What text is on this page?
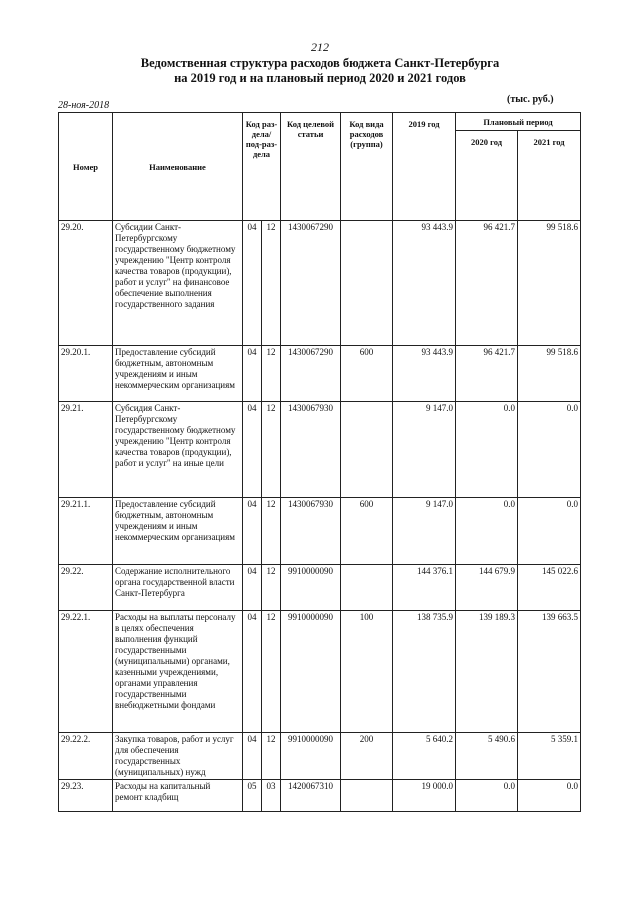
212
Ведомственная структура расходов бюджета Санкт-Петербурга
на 2019 год и на плановый период 2020 и 2021 годов
(тыс. руб.)
28-ноя-2018
Номер	Наименование	Код раз-дела/ под-раз-дела		Код целевой статьи	Код вида расходов (группа)	2019 год	Плановый период	
							2020 год	2021 год
29.20.	Субсидии Санкт-Петербургскому государственному бюджетному учреждению "Центр контроля качества товаров (продукции), работ и услуг" на финансовое обеспечение выполнения государственного задания	04	12	1430067290		93 443.9	96 421.7	99 518.6
29.20.1.	Предоставление субсидий бюджетным, автономным учреждениям и иным некоммерческим организациям	04	12	1430067290	600	93 443.9	96 421.7	99 518.6
29.21.	Субсидия Санкт-Петербургскому государственному бюджетному учреждению "Центр контроля качества товаров (продукции), работ и услуг" на иные цели	04	12	1430067930		9 147.0	0.0	0.0
29.21.1.	Предоставление субсидий бюджетным, автономным учреждениям и иным некоммерческим организациям	04	12	1430067930	600	9 147.0	0.0	0.0
29.22.	Содержание исполнительного органа государственной власти Санкт-Петербурга	04	12	9910000090		144 376.1	144 679.9	145 022.6
29.22.1.	Расходы на выплаты персоналу в целях обеспечения выполнения функций государственными (муниципальными) органами, казенными учреждениями, органами управления государственными внебюджетными фондами	04	12	9910000090	100	138 735.9	139 189.3	139 663.5
29.22.2.	Закупка товаров, работ и услуг для обеспечения государственных (муниципальных) нужд	04	12	9910000090	200	5 640.2	5 490.6	5 359.1
29.23.	Расходы на капитальный ремонт кладбищ	05	03	1420067310		19 000.0	0.0	0.0
